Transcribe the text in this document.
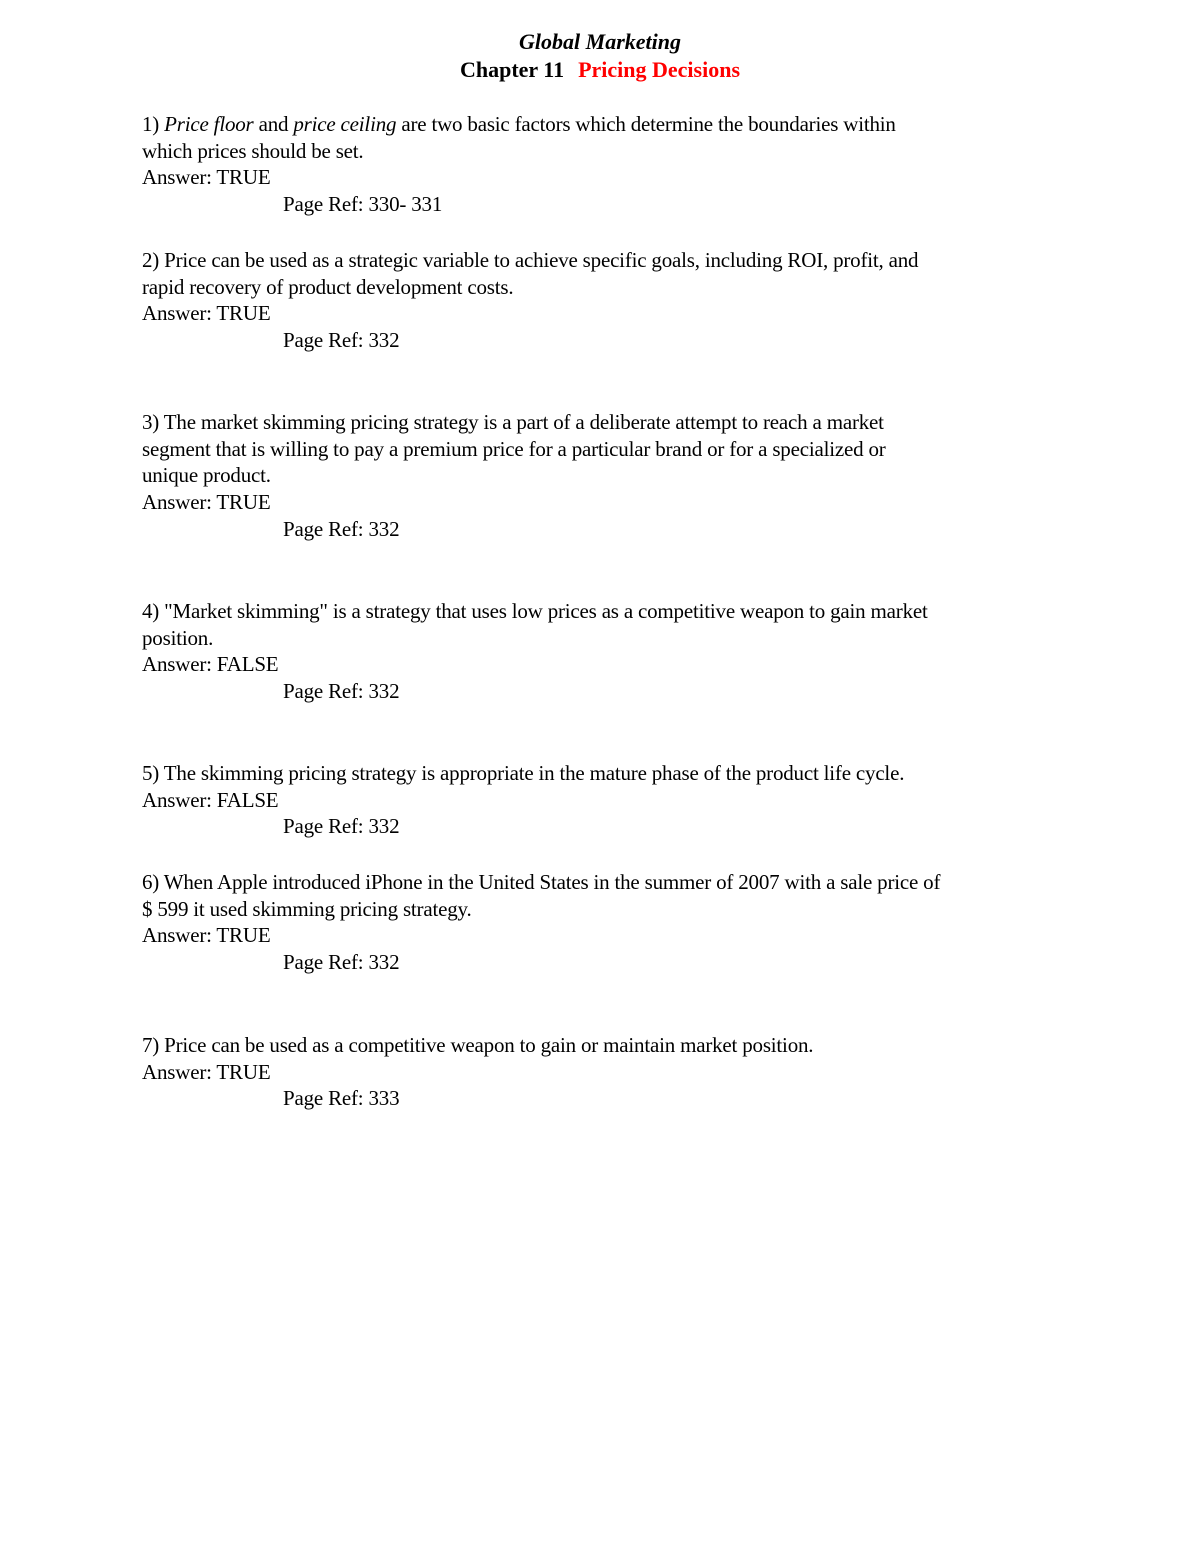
Global Marketing
Chapter 11 Pricing Decisions
1) Price floor and price ceiling are two basic factors which determine the boundaries within
which prices should be set.
Answer: TRUE
Page Ref: 330- 331
2) Price can be used as a strategic variable to achieve specific goals, including ROI, profit, and
rapid recovery of product development costs.
Answer: TRUE
Page Ref: 332
3) The market skimming pricing strategy is a part of a deliberate attempt to reach a market
segment that is willing to pay a premium price for a particular brand or for a specialized or
unique product.
Answer: TRUE
Page Ref: 332
4) "Market skimming" is a strategy that uses low prices as a competitive weapon to gain market
position.
Answer: FALSE
Page Ref: 332
5) The skimming pricing strategy is appropriate in the mature phase of the product life cycle.
Answer: FALSE
Page Ref: 332
6) When Apple introduced iPhone in the United States in the summer of 2007 with a sale price of
$ 599 it used skimming pricing strategy.
Answer: TRUE
Page Ref: 332
7) Price can be used as a competitive weapon to gain or maintain market position.
Answer: TRUE
Page Ref: 333
